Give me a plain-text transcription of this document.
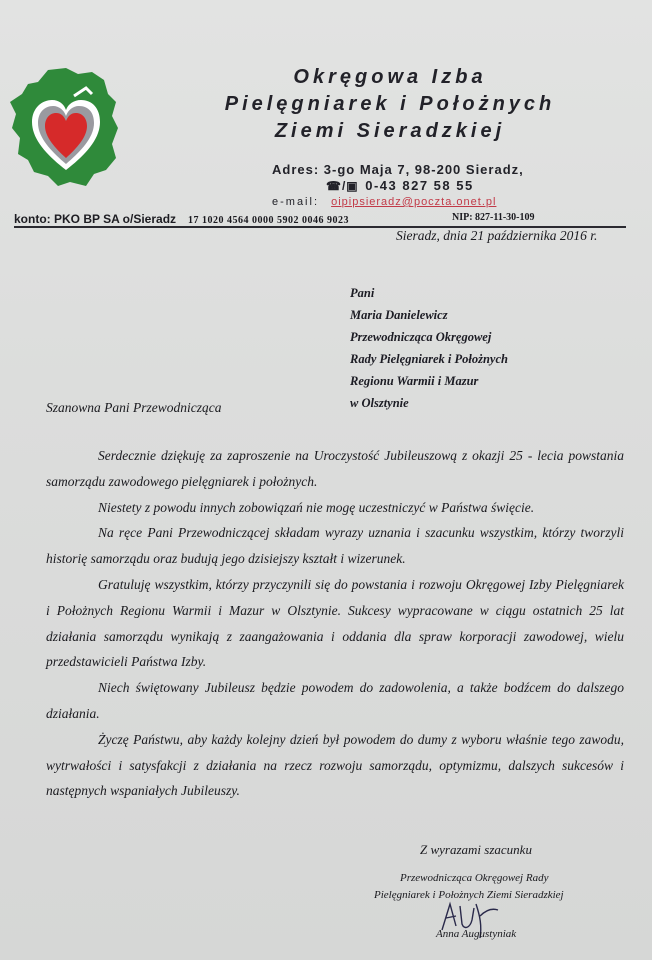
Okręgowa Izba
Pielęgniarek i Położnych
Ziemi Sieradzkiej
Adres: 3-go Maja 7, 98-200 Sieradz,
☎/▣ 0-43 827 58 55
e-mail: oipipsieradz@poczta.onet.pl
konto: PKO BP SA o/Sieradz 17 1020 4564 0000 5902 0046 9023	NIP: 827-11-30-109
Sieradz, dnia 21 października 2016 r.
Pani
Maria Danielewicz
Przewodnicząca Okręgowej
Rady Pielęgniarek i Położnych
Regionu Warmii i Mazur
w Olsztynie
Szanowna Pani Przewodnicząca

Serdecznie dziękuję za zaproszenie na Uroczystość Jubileuszową z okazji 25 - lecia powstania samorządu zawodowego pielęgniarek i położnych.

Niestety z powodu innych zobowiązań nie mogę uczestniczyć w Państwa święcie.

Na ręce Pani Przewodniczącej składam wyrazy uznania i szacunku wszystkim, którzy tworzyli historię samorządu oraz budują jego dzisiejszy kształt i wizerunek.

Gratuluję wszystkim, którzy przyczynili się do powstania i rozwoju Okręgowej Izby Pielęgniarek i Położnych Regionu Warmii i Mazur w Olsztynie. Sukcesy wypracowane w ciągu ostatnich 25 lat działania samorządu wynikają z zaangażowania i oddania dla spraw korporacji zawodowej, wielu przedstawicieli Państwa Izby.

Niech świętowany Jubileusz będzie powodem do zadowolenia, a także bodźcem do dalszego działania.

Życzę Państwu, aby każdy kolejny dzień był powodem do dumy z wyboru właśnie tego zawodu, wytrwałości i satysfakcji z działania na rzecz rozwoju samorządu, optymizmu, dalszych sukcesów i następnych wspaniałych Jubileuszy.

Z wyrazami szacunku
Przewodnicząca Okręgowej Rady
Pielęgniarek i Położnych Ziemi Sieradzkiej
Anna Augustyniak
